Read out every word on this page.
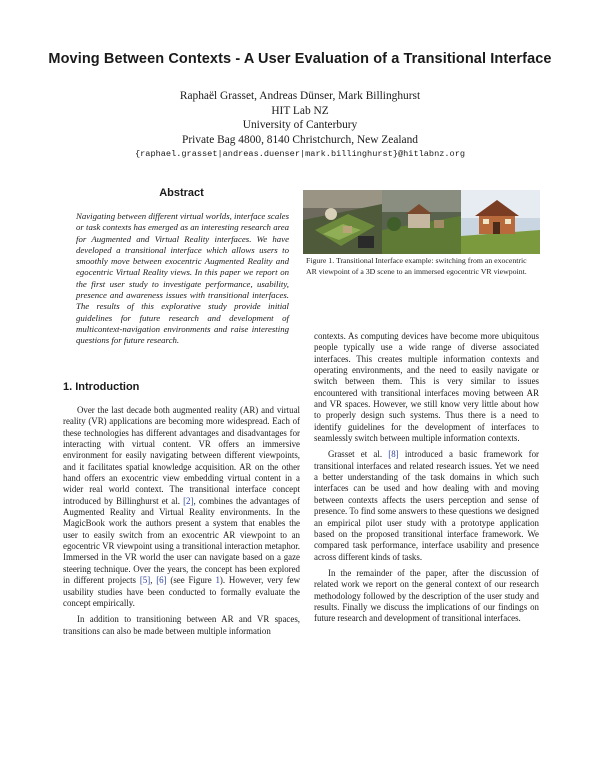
Moving Between Contexts - A User Evaluation of a Transitional Interface
Raphaël Grasset, Andreas Dünser, Mark Billinghurst
HIT Lab NZ
University of Canterbury
Private Bag 4800, 8140 Christchurch, New Zealand
{raphael.grasset|andreas.duenser|mark.billinghurst}@hitlabnz.org
Abstract
Navigating between different virtual worlds, interface scales or task contexts has emerged as an interesting research area for Augmented and Virtual Reality interfaces. We have developed a transitional interface which allows users to smoothly move between exocentric Augmented Reality and egocentric Virtual Reality views. In this paper we report on the first user study to investigate performance, usability, presence and awareness issues with transitional interfaces. The results of this explorative study provide initial guidelines for future research and development of multicontext-navigation environments and raise interesting questions for future research.
Figure 1. Transitional Interface example: switching from an exocentric AR viewpoint of a 3D scene to an immersed egocentric VR viewpoint.
1. Introduction

Over the last decade both augmented reality (AR) and virtual reality (VR) applications are becoming more widespread. Each of these technologies has different advantages and disadvantages for interacting with virtual content. VR offers an immersive environment for easily navigating between different viewpoints, and it facilitates spatial knowledge acquisition. AR on the other hand offers an exocentric view embedding virtual content in a wider real world context. The transitional interface concept introduced by Billinghurst et al. [2], combines the advantages of Augmented Reality and Virtual Reality environments. In the MagicBook work the authors present a system that enables the user to easily switch from an exocentric AR viewpoint to an egocentric VR viewpoint using a transitional interaction metaphor. Immersed in the VR world the user can navigate based on a gaze steering technique. Over the years, the concept has been explored in different projects [5], [6] (see Figure 1). However, very few usability studies have been conducted to formally evaluate the concept empirically.

In addition to transitioning between AR and VR spaces, transitions can also be made between multiple information

contexts. As computing devices have become more ubiquitous people typically use a wide range of diverse associated interfaces. This creates multiple information contexts and operating environments, and the need to easily navigate or switch between them. This is very similar to issues encountered with transitional interfaces moving between AR and VR spaces. However, we still know very little about how to properly design such systems. Thus there is a need to identify guidelines for the development of interfaces to seamlessly switch between multiple information contexts.

Grasset et al. [8] introduced a basic framework for transitional interfaces and related research issues. Yet we need a better understanding of the task domains in which such interfaces can be used and how dealing with and moving between contexts affects the users perception and sense of presence. To find some answers to these questions we designed an empirical pilot user study with a prototype application based on the proposed transitional interface framework. We compared task performance, interface usability and presence across different kinds of tasks.

In the remainder of the paper, after the discussion of related work we report on the general context of our research methodology followed by the description of the user study and results. Finally we discuss the implications of our findings on future research and development of transitional interfaces.
